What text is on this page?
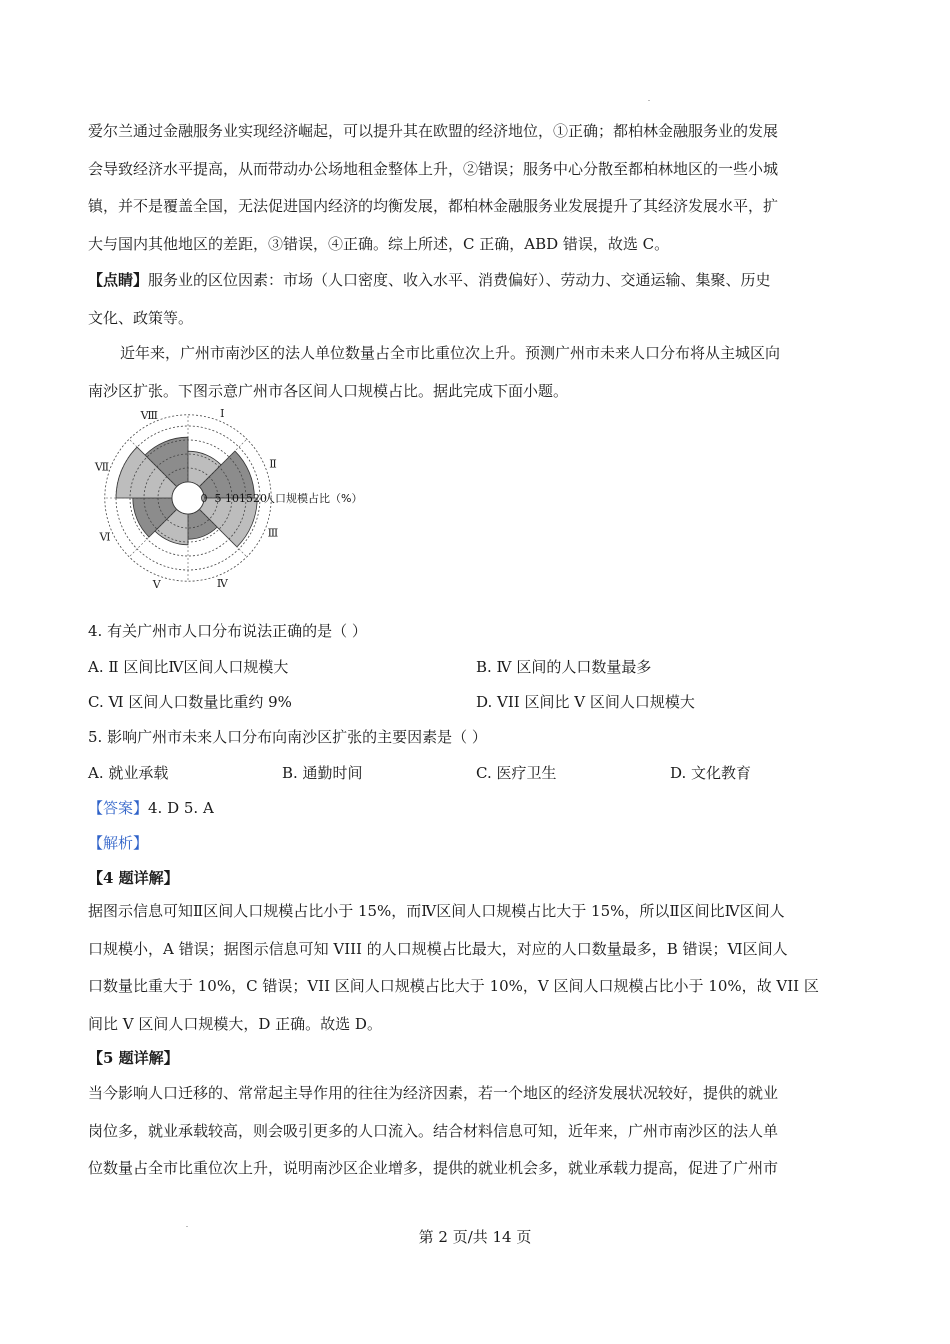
爱尔兰通过金融服务业实现经济崛起，可以提升其在欧盟的经济地位，①正确；都柏林金融服务业的发展
会导致经济水平提高，从而带动办公场地租金整体上升，②错误；服务中心分散至都柏林地区的一些小城
镇，并不是覆盖全国，无法促进国内经济的均衡发展，都柏林金融服务业发展提升了其经济发展水平，扩
大与国内其他地区的差距，③错误，④正确。综上所述，C 正确，ABD 错误，故选 C。
【点睛】服务业的区位因素：市场（人口密度、收入水平、消费偏好）、劳动力、交通运输、集聚、历史
文化、政策等。
近年来，广州市南沙区的法人单位数量占全市比重位次上升。预测广州市未来人口分布将从主城区向
南沙区扩张。下图示意广州市各区间人口规模占比。据此完成下面小题。
Ⅰ
Ⅱ
Ⅲ
Ⅳ
Ⅴ
Ⅵ
Ⅶ
Ⅷ
0 5 10 15 20
人口规模占比（%）
4. 有关广州市人口分布说法正确的是（ ）
A. Ⅱ 区间比Ⅳ区间人口规模大	B. Ⅳ 区间的人口数量最多
C. Ⅵ 区间人口数量比重约 9%	D. VII 区间比 V 区间人口规模大
5. 影响广州市未来人口分布向南沙区扩张的主要因素是（ ）
A. 就业承载	B. 通勤时间	C. 医疗卫生	D. 文化教育
【答案】4. D 5. A
【解析】
【4 题详解】
据图示信息可知Ⅱ区间人口规模占比小于 15%，而Ⅳ区间人口规模占比大于 15%，所以Ⅱ区间比Ⅳ区间人
口规模小，A 错误；据图示信息可知 VIII 的人口规模占比最大，对应的人口数量最多，B 错误；Ⅵ区间人
口数量比重大于 10%，C 错误；VII 区间人口规模占比大于 10%，V 区间人口规模占比小于 10%，故 VII 区
间比 V 区间人口规模大，D 正确。故选 D。
【5 题详解】
当今影响人口迁移的、常常起主导作用的往往为经济因素，若一个地区的经济发展状况较好，提供的就业
岗位多，就业承载较高，则会吸引更多的人口流入。结合材料信息可知，近年来，广州市南沙区的法人单
位数量占全市比重位次上升，说明南沙区企业增多，提供的就业机会多，就业承载力提高，促进了广州市
第 2 页/共 14 页
